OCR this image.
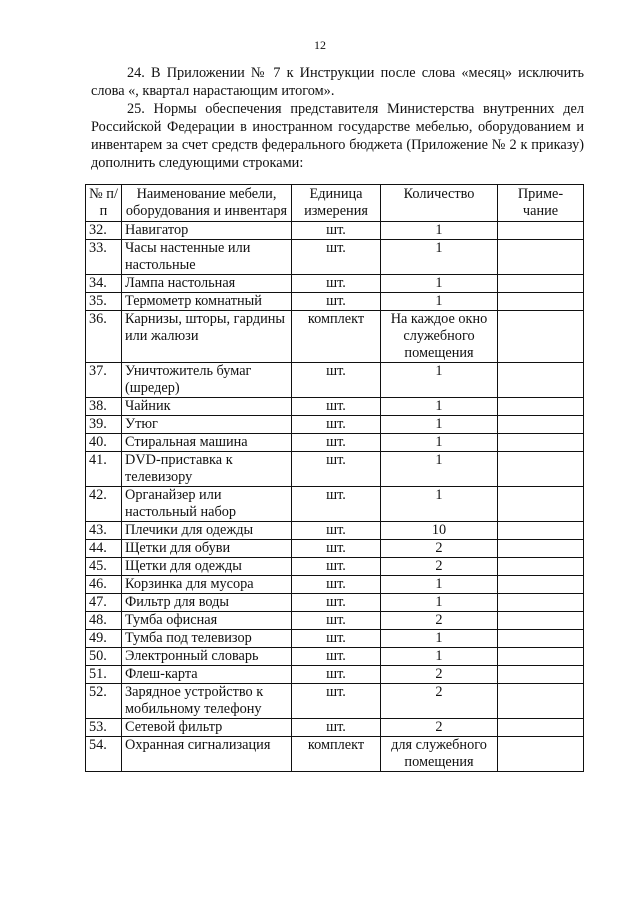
12

24. В Приложении № 7 к Инструкции после слова «месяц» исключить слова «, квартал нарастающим итогом».

25. Нормы обеспечения представителя Министерства внутренних дел Российской Федерации в иностранном государстве мебелью, оборудованием и инвентарем за счет средств федерального бюджета (Приложение № 2 к приказу) дополнить следующими строками:

№ п/п	Наименование мебели, оборудования и инвентаря	Единица измерения	Количество	Приме-чание
32.	Навигатор	шт.	1	
33.	Часы настенные или настольные	шт.	1	
34.	Лампа настольная	шт.	1	
35.	Термометр комнатный	шт.	1	
36.	Карнизы, шторы, гардины или жалюзи	комплект	На каждое окно служебного помещения	
37.	Уничтожитель бумаг (шредер)	шт.	1	
38.	Чайник	шт.	1	
39.	Утюг	шт.	1	
40.	Стиральная машина	шт.	1	
41.	DVD-приставка к телевизору	шт.	1	
42.	Органайзер или настольный набор	шт.	1	
43.	Плечики для одежды	шт.	10	
44.	Щетки для обуви	шт.	2	
45.	Щетки для одежды	шт.	2	
46.	Корзинка для мусора	шт.	1	
47.	Фильтр для воды	шт.	1	
48.	Тумба офисная	шт.	2	
49.	Тумба под телевизор	шт.	1	
50.	Электронный словарь	шт.	1	
51.	Флеш-карта	шт.	2	
52.	Зарядное устройство к мобильному телефону	шт.	2	
53.	Сетевой фильтр	шт.	2	
54.	Охранная сигнализация	комплект	для служебного помещения	
